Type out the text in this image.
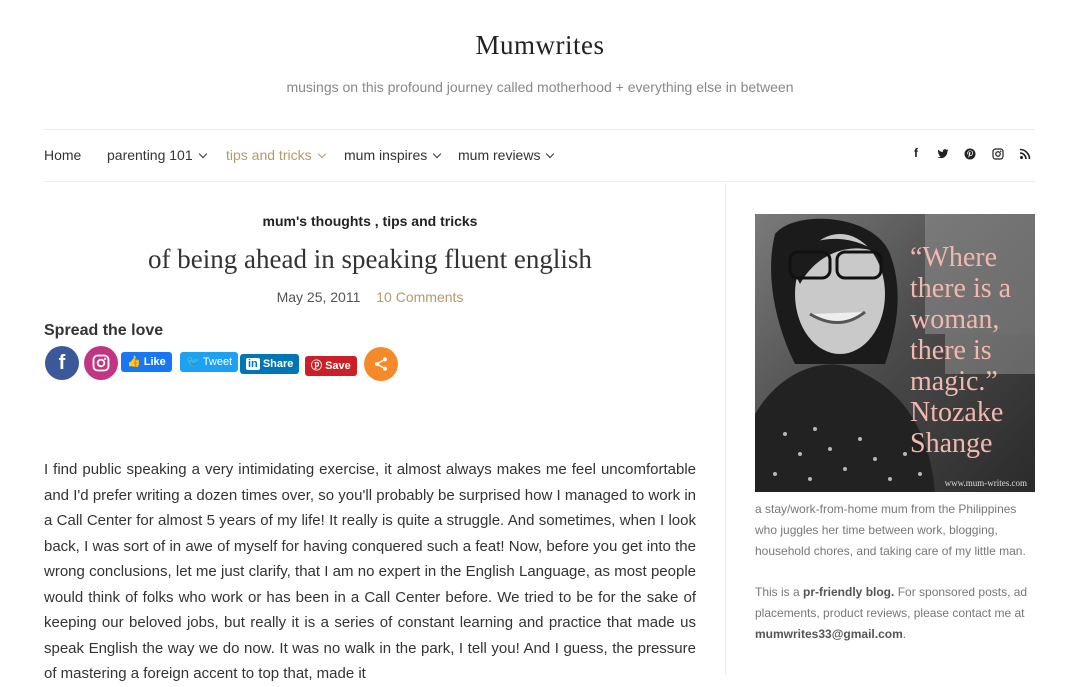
Mumwrites
musings on this profound journey called motherhood + everything else in between
Home parenting 101	tips and tricks	mum inspires	mum reviews	f
mum's thoughts , tips and tricks
of being ahead in speaking fluent english
May 25, 2011 10 Comments
Spread the love
f	👍 Like	🐦 Tweet	in Share	ⓟ Save
I find public speaking a very intimidating exercise, it almost always makes me feel uncomfortable and I'd prefer writing a dozen times over, so you'll probably be surprised how I managed to work in a Call Center for almost 5 years of my life! It really is quite a struggle. And sometimes, when I look back, I was sort of in awe of myself for having conquered such a feat! Now, before you get into the wrong conclusions, let me just clarify, that I am no expert in the English Language, as most people would think of folks who work or has been in a Call Center before. We tried to be for the sake of keeping our beloved jobs, but really it is a series of constant learning and practice that made us speak English the way we do now. It was no walk in the park, I tell you! And I guess, the pressure of mastering a foreign accent to top that, made it
“Where there is a woman, there is magic.” Ntozake Shange
www.mum-writes.com
a stay/work-from-home mum from the Philippines who juggles her time between work, blogging, household chores, and taking care of my little man.
This is a pr-friendly blog. For sponsored posts, ad placements, product reviews, please contact me at mumwrites33@gmail.com.
